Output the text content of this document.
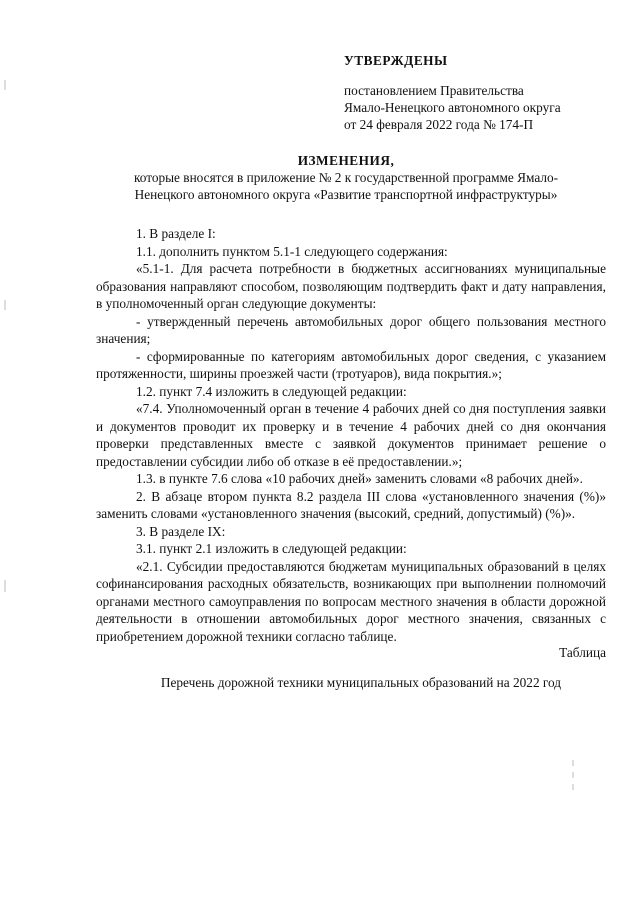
УТВЕРЖДЕНЫ
постановлением Правительства
Ямало-Ненецкого автономного округа
от 24 февраля 2022 года № 174-П
ИЗМЕНЕНИЯ,
которые вносятся в приложение № 2 к государственной программе Ямало-
Ненецкого автономного округа «Развитие транспортной инфраструктуры»

1. В разделе I:

1.1. дополнить пунктом 5.1-1 следующего содержания:

«5.1-1. Для расчета потребности в бюджетных ассигнованиях муниципальные образования направляют способом, позволяющим подтвердить факт и дату направления, в уполномоченный орган следующие документы:

- утвержденный перечень автомобильных дорог общего пользования местного значения;

- сформированные по категориям автомобильных дорог сведения, с указанием протяженности, ширины проезжей части (тротуаров), вида покрытия.»;

1.2. пункт 7.4 изложить в следующей редакции:

«7.4. Уполномоченный орган в течение 4 рабочих дней со дня поступления заявки и документов проводит их проверку и в течение 4 рабочих дней со дня окончания проверки представленных вместе с заявкой документов принимает решение о предоставлении субсидии либо об отказе в её предоставлении.»;

1.3. в пункте 7.6 слова «10 рабочих дней» заменить словами «8 рабочих дней».

2. В абзаце втором пункта 8.2 раздела III слова «установленного значения (%)» заменить словами «установленного значения (высокий, средний, допустимый) (%)».

3. В разделе IX:

3.1. пункт 2.1 изложить в следующей редакции:

«2.1. Субсидии предоставляются бюджетам муниципальных образований в целях софинансирования расходных обязательств, возникающих при выполнении полномочий органами местного самоуправления по вопросам местного значения в области дорожной деятельности в отношении автомобильных дорог местного значения, связанных с приобретением дорожной техники согласно таблице.

Таблица
Перечень дорожной техники муниципальных образований на 2022 год
